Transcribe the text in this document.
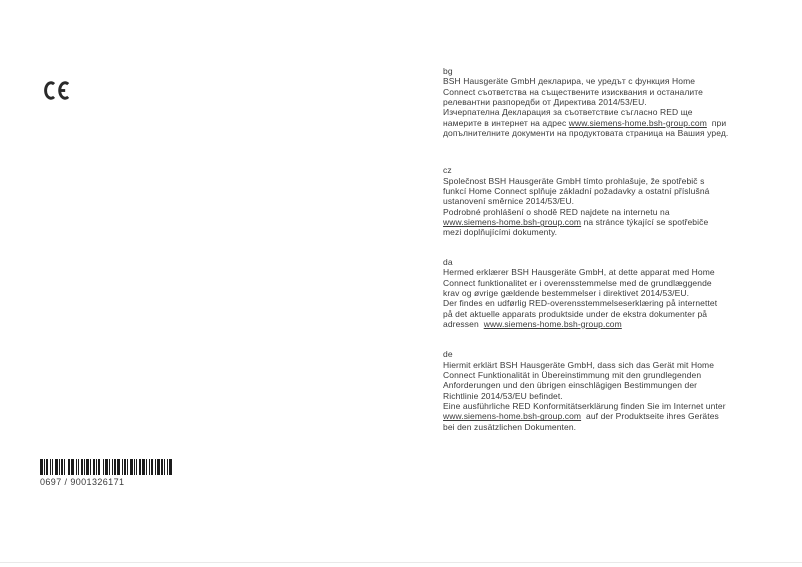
bg
BSH Hausgeräte GmbH декларира, че уредът с функция Home
Connect съответства на съществените изисквания и останалите
релевантни разпоредби от Директива 2014/53/EU.
Изчерпателна Декларация за съответствие съгласно RED ще
намерите в интернет на адрес www.siemens-home.bsh-group.com  при
допълнителните документи на продуктовата страница на Вашия уред.
cz
Společnost BSH Hausgeräte GmbH tímto prohlašuje, že spotřebič s
funkcí Home Connect splňuje základní požadavky a ostatní příslušná
ustanovení směrnice 2014/53/EU.
Podrobné prohlášení o shodě RED najdete na internetu na
www.siemens-home.bsh-group.com na stránce týkající se spotřebiče
mezi doplňujícími dokumenty.
da
Hermed erklærer BSH Hausgeräte GmbH, at dette apparat med Home
Connect funktionalitet er i overensstemmelse med de grundlæggende
krav og øvrige gældende bestemmelser i direktivet 2014/53/EU.
Der findes en udførlig RED-overensstemmelseserklæring på internettet
på det aktuelle apparats produktside under de ekstra dokumenter på
adressen  www.siemens-home.bsh-group.com
de
Hiermit erklärt BSH Hausgeräte GmbH, dass sich das Gerät mit Home
Connect Funktionalität in Übereinstimmung mit den grundlegenden
Anforderungen und den übrigen einschlägigen Bestimmungen der
Richtlinie 2014/53/EU befindet.
Eine ausführliche RED Konformitätserklärung finden Sie im Internet unter
www.siemens-home.bsh-group.com  auf der Produktseite ihres Gerätes
bei den zusätzlichen Dokumenten.
0697 / 9001326171
